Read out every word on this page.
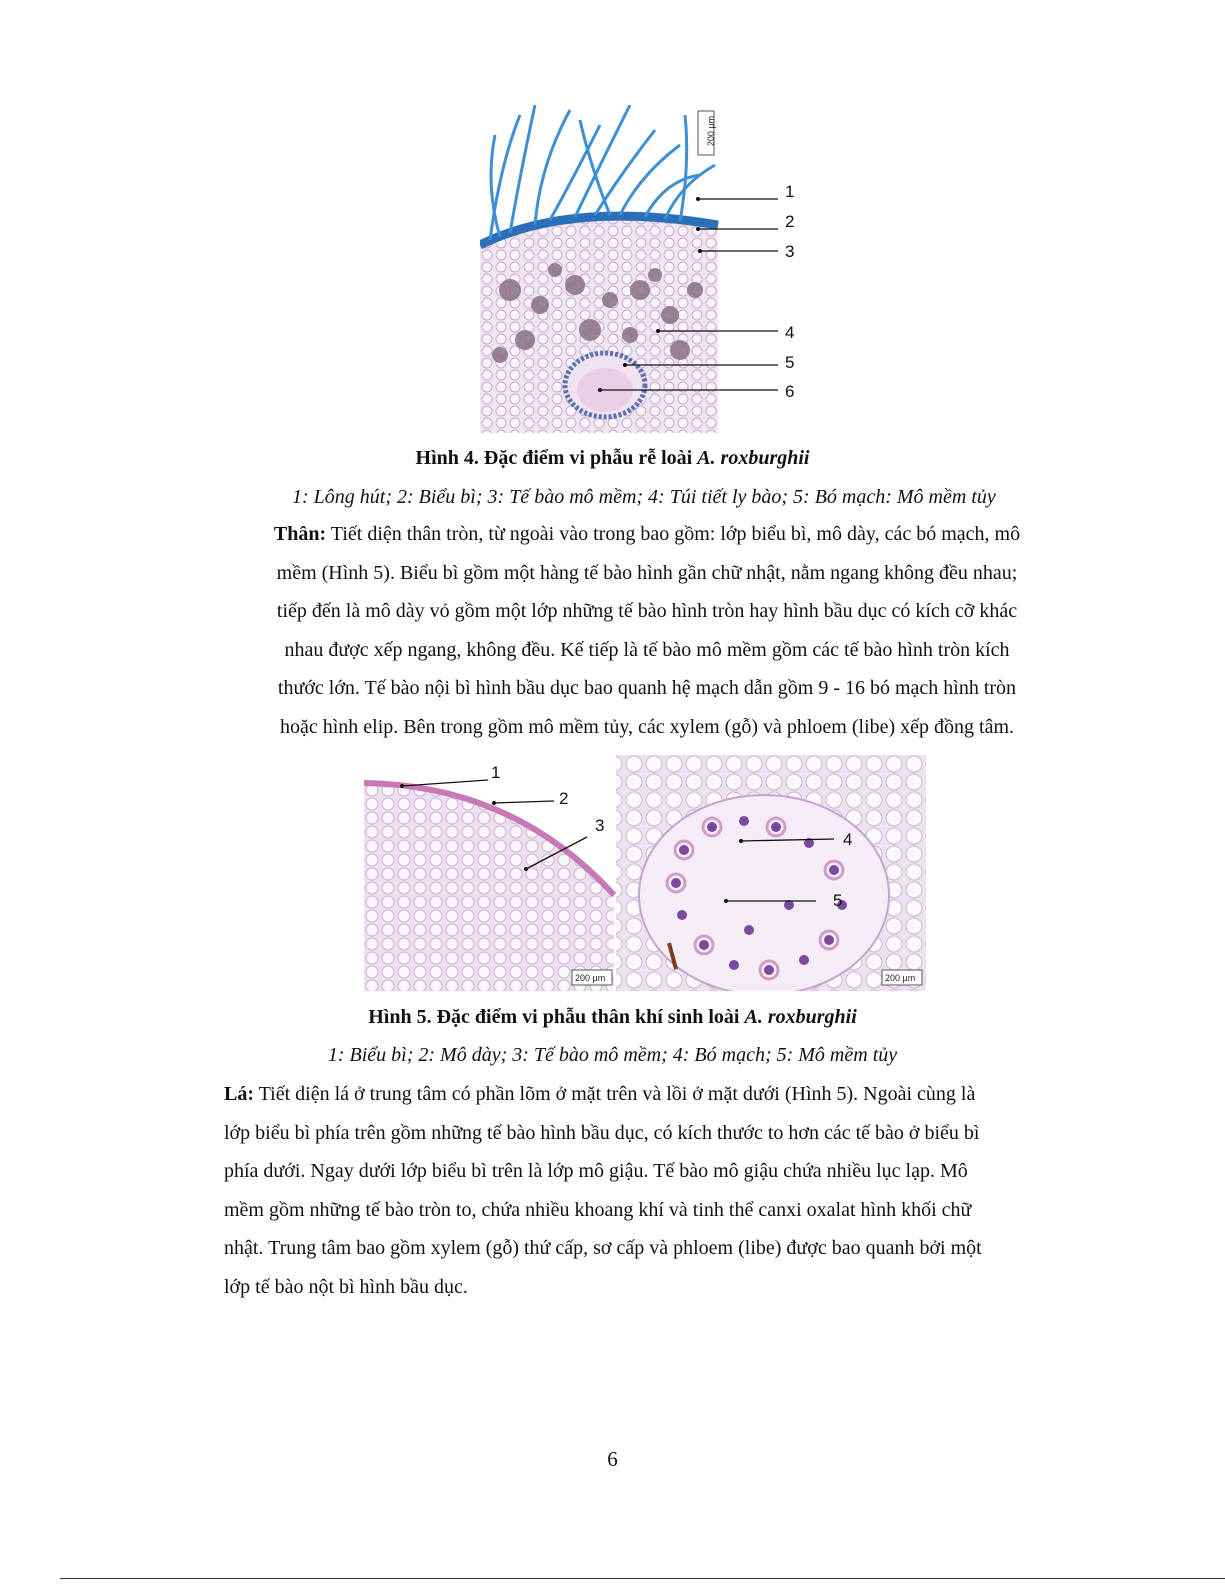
200 µm
1
2
3
4
5
6
Hình 4. Đặc điểm vi phẫu rễ loài A. roxburghii
1: Lông hút; 2: Biểu bì; 3: Tế bào mô mềm; 4: Túi tiết ly bào; 5: Bó mạch: Mô mềm tủy
Thân: Tiết diện thân tròn, từ ngoài vào trong bao gồm: lớp biểu bì, mô dày, các bó mạch, mô
mềm (Hình 5). Biểu bì gồm một hàng tế bào hình gần chữ nhật, nằm ngang không đều nhau;
tiếp đến là mô dày vỏ gồm một lớp những tế bào hình tròn hay hình bầu dục có kích cỡ khác
nhau được xếp ngang, không đều. Kế tiếp là tế bào mô mềm gồm các tế bào hình tròn kích
thước lớn. Tế bào nội bì hình bầu dục bao quanh hệ mạch dẫn gồm 9 - 16 bó mạch hình tròn
hoặc hình elip. Bên trong gồm mô mềm tủy, các xylem (gỗ) và phloem (libe) xếp đồng tâm.
1
2
3
4
5
200 µm	200 µm
Hình 5. Đặc điểm vi phẫu thân khí sinh loài A. roxburghii
1: Biểu bì; 2: Mô dày; 3: Tế bào mô mềm; 4: Bó mạch; 5: Mô mềm tủy
Lá: Tiết diện lá ở trung tâm có phần lõm ở mặt trên và lồi ở mặt dưới (Hình 5). Ngoài cùng là
lớp biểu bì phía trên gồm những tế bào hình bầu dục, có kích thước to hơn các tế bào ở biểu bì
phía dưới. Ngay dưới lớp biểu bì trên là lớp mô giậu. Tế bào mô giậu chứa nhiều lục lạp. Mô
mềm gồm những tế bào tròn to, chứa nhiều khoang khí và tinh thể canxi oxalat hình khối chữ
nhật. Trung tâm bao gồm xylem (gỗ) thứ cấp, sơ cấp và phloem (libe) được bao quanh bởi một
lớp tế bào nột bì hình bầu dục.
6
